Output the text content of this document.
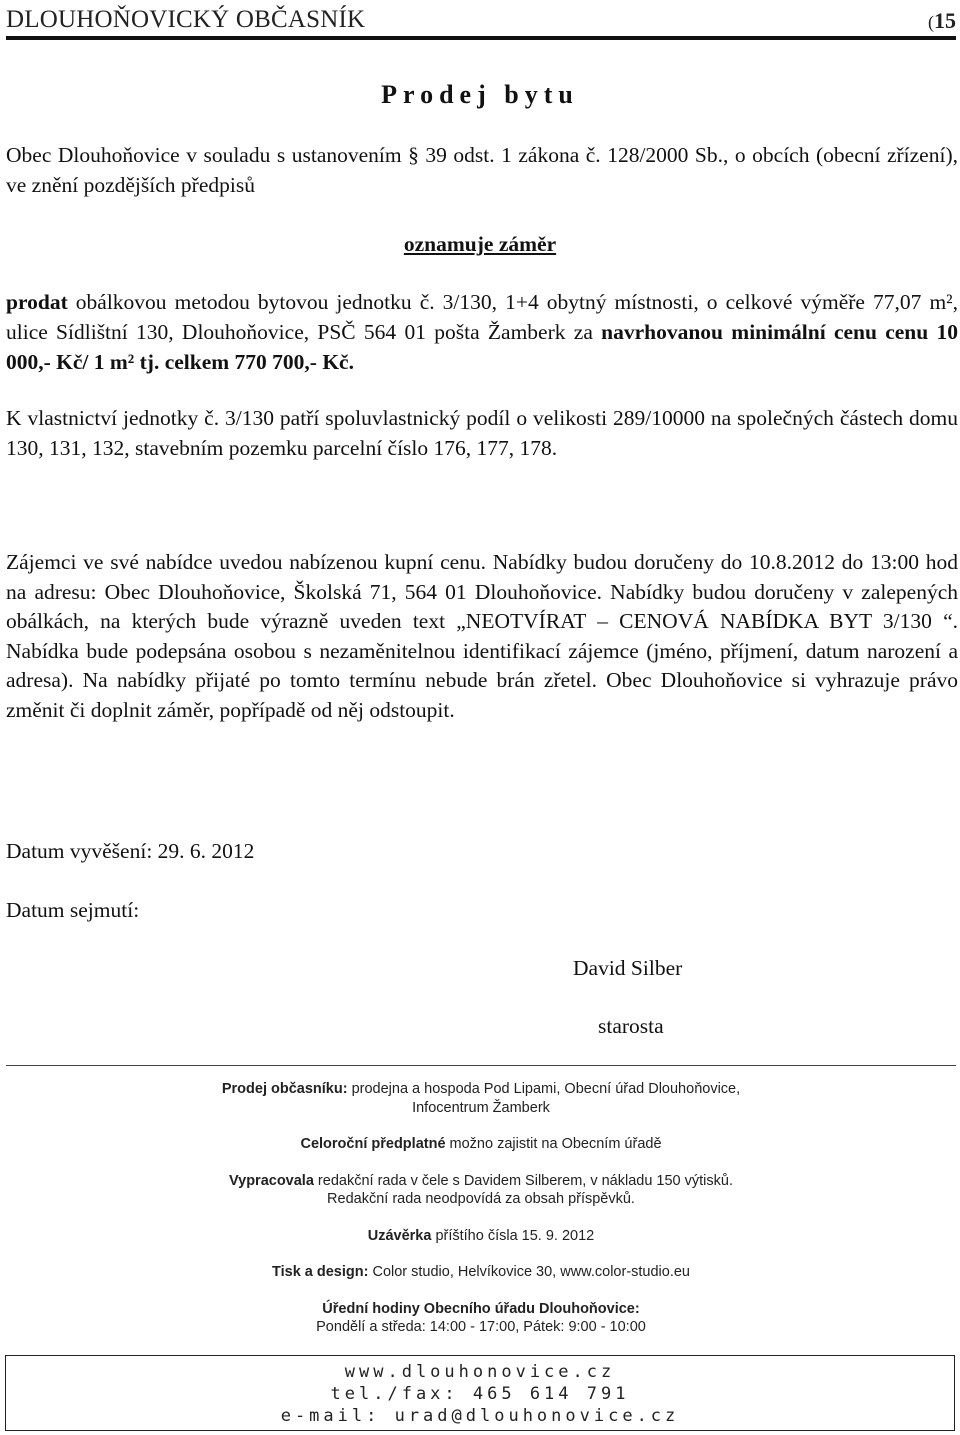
DLOUHOŇOVICKÝ OBČASNÍK	(15
Prodej bytu
Obec Dlouhoňovice v souladu s ustanovením § 39 odst. 1 zákona č. 128/2000 Sb., o obcích (obecní zřízení), ve znění pozdějších předpisů
oznamuje záměr
prodat obálkovou metodou bytovou jednotku č. 3/130, 1+4 obytný místnosti, o celkové výměře 77,07 m², ulice Sídlištní 130, Dlouhoňovice, PSČ 564 01 pošta Žamberk za navrhovanou minimální cenu cenu 10 000,- Kč/ 1 m² tj. celkem 770 700,- Kč.
K vlastnictví jednotky č. 3/130 patří spoluvlastnický podíl o velikosti 289/10000 na společných částech domu 130, 131, 132, stavebním pozemku parcelní číslo 176, 177, 178.
Zájemci ve své nabídce uvedou nabízenou kupní cenu. Nabídky budou doručeny do 10.8.2012 do 13:00 hod na adresu: Obec Dlouhoňovice, Školská 71, 564 01 Dlouhoňovice. Nabídky budou doručeny v zalepených obálkách, na kterých bude výrazně uveden text „NEOTVÍRAT – CENOVÁ NABÍDKA BYT 3/130 “. Nabídka bude podepsána osobou s nezaměnitelnou identifikací zájemce (jméno, příjmení, datum narození a adresa). Na nabídky přijaté po tomto termínu nebude brán zřetel. Obec Dlouhoňovice si vyhrazuje právo změnit či doplnit záměr, popřípadě od něj odstoupit.
Datum vyvěšení: 29. 6. 2012
Datum sejmutí:
David Silber
starosta

Prodej občasníku: prodejna a hospoda Pod Lipami, Obecní úřad Dlouhoňovice,

Infocentrum Žamberk

Celoroční předplatné možno zajistit na Obecním úřadě

Vypracovala redakční rada v čele s Davidem Silberem, v nákladu 150 výtisků.

Redakční rada neodpovídá za obsah příspěvků.

Uzávěrka příštího čísla 15. 9. 2012

Tisk a design: Color studio, Helvíkovice 30, www.color-studio.eu

Úřední hodiny Obecního úřadu Dlouhoňovice:

Pondělí a středa: 14:00 - 17:00, Pátek: 9:00 - 10:00

www.dlouhonovice.cz
tel./fax: 465 614 791
e-mail: urad@dlouhonovice.cz
